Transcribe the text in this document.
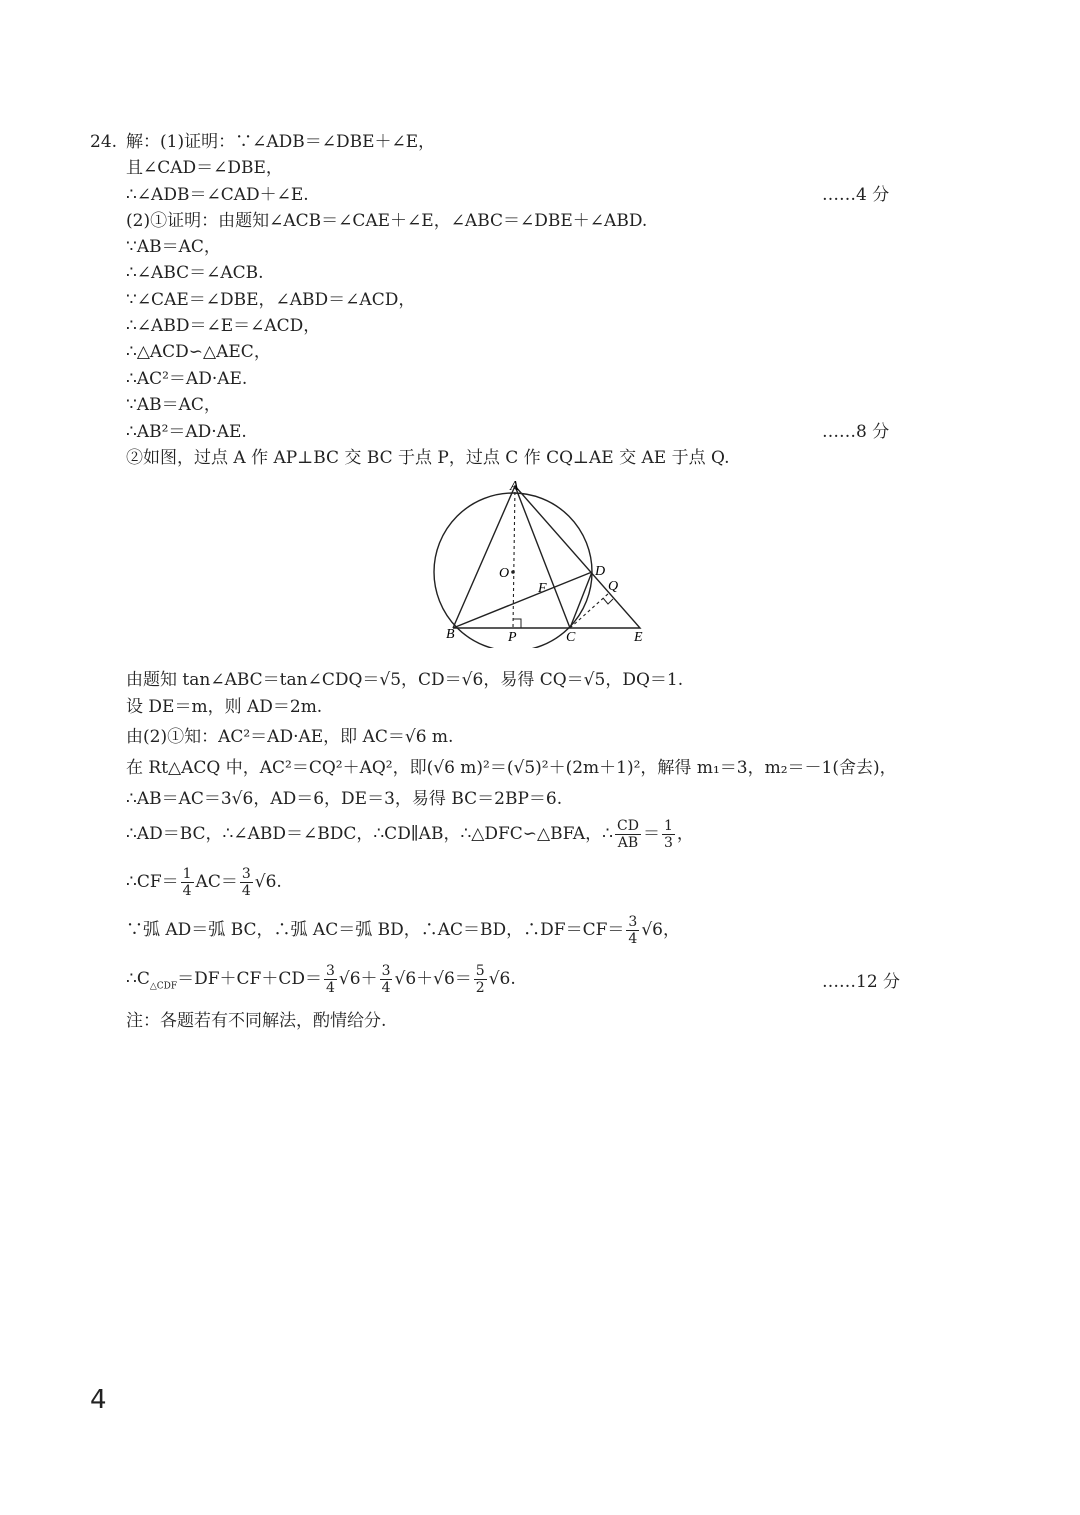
24. 解：(1)证明：∵∠ADB＝∠DBE＋∠E，
且∠CAD＝∠DBE，
∴∠ADB＝∠CAD＋∠E.	……4 分
(2)①证明：由题知∠ACB＝∠CAE＋∠E，∠ABC＝∠DBE＋∠ABD.
∵AB＝AC，
∴∠ABC＝∠ACB.
∵∠CAE＝∠DBE，∠ABD＝∠ACD，
∴∠ABD＝∠E＝∠ACD，
∴△ACD∽△AEC，
∴AC²＝AD·AE.
∵AB＝AC，
∴AB²＝AD·AE.	……8 分
②如图，过点 A 作 AP⊥BC 交 BC 于点 P，过点 C 作 CQ⊥AE 交 AE 于点 Q.
A
B	C
D
E
F
O
P
Q
由题知 tan∠ABC＝tan∠CDQ＝√5，CD＝√6，易得 CQ＝√5，DQ＝1.
设 DE＝m，则 AD＝2m.
由(2)①知：AC²＝AD·AE，即 AC＝√6 m.
在 Rt△ACQ 中，AC²＝CQ²＋AQ²，即(√6 m)²＝(√5)²＋(2m＋1)²，解得 m₁＝3，m₂＝－1(舍去)，
∴AB＝AC＝3√6，AD＝6，DE＝3，易得 BC＝2BP＝6.
∴AD＝BC，∴∠ABD＝∠BDC，∴CD∥AB，∴△DFC∽△BFA，∴ $\frac{CD}{AB} = \frac{1}{3}$ ，
∴CF＝ $\frac{1}{4} AC= \frac{3}{4} √6$.
∵弧 AD＝弧 BC，∴弧 AC＝弧 BD，∴AC＝BD，∴DF＝CF＝ $\frac{3}{4} √6$，
$\therefore C_{\triangle CDF}=DF+CF+CD= \frac{3}{4} √6+ \frac{3}{4} √6+√6= \frac{5}{2} √6$.	……12 分
注：各题若有不同解法，酌情给分.
4
